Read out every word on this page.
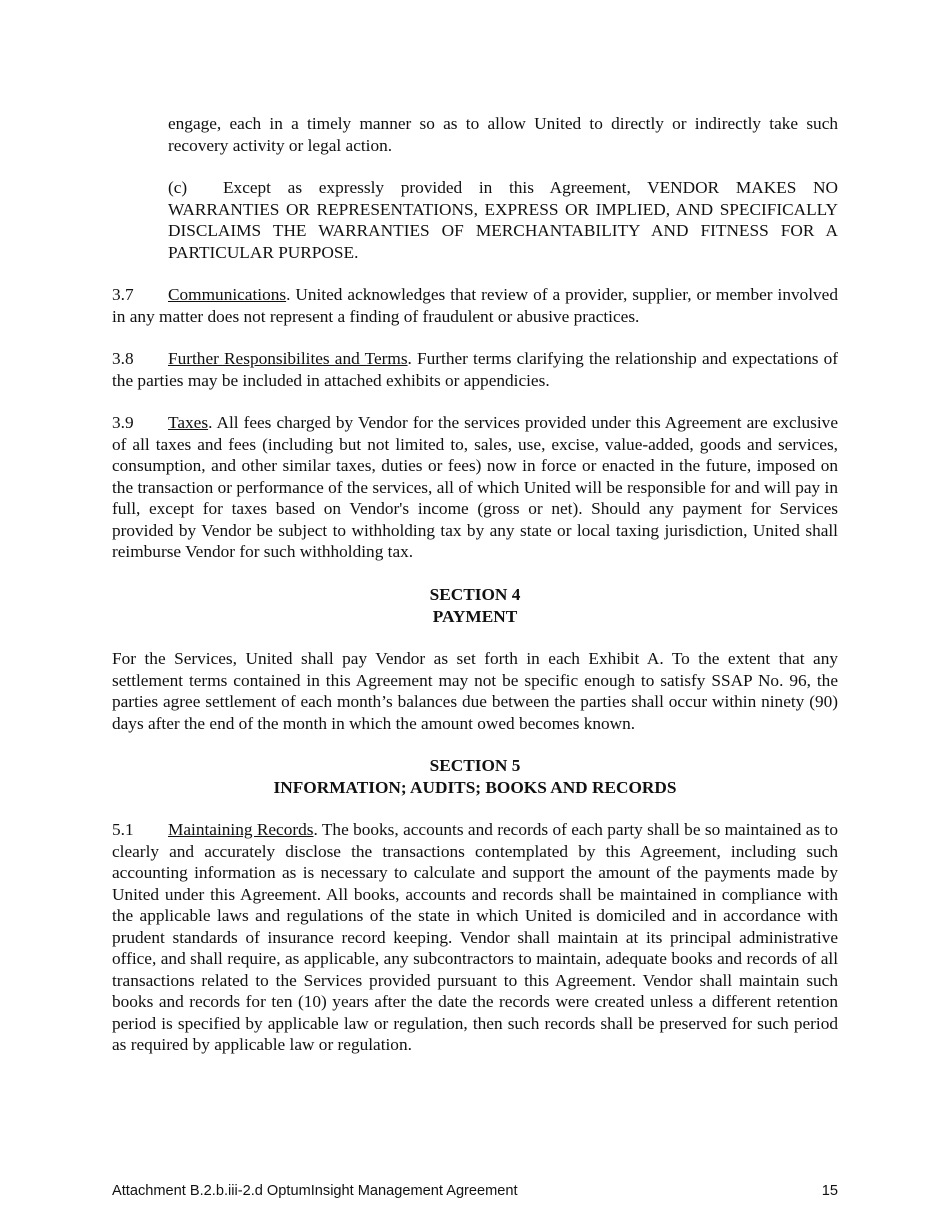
engage, each in a timely manner so as to allow United to directly or indirectly take such recovery activity or legal action.

(c) Except as expressly provided in this Agreement, VENDOR MAKES NO WARRANTIES OR REPRESENTATIONS, EXPRESS OR IMPLIED, AND SPECIFICALLY DISCLAIMS THE WARRANTIES OF MERCHANTABILITY AND FITNESS FOR A PARTICULAR PURPOSE.

3.7 Communications. United acknowledges that review of a provider, supplier, or member involved in any matter does not represent a finding of fraudulent or abusive practices.

3.8 Further Responsibilites and Terms. Further terms clarifying the relationship and expectations of the parties may be included in attached exhibits or appendicies.

3.9 Taxes. All fees charged by Vendor for the services provided under this Agreement are exclusive of all taxes and fees (including but not limited to, sales, use, excise, value-added, goods and services, consumption, and other similar taxes, duties or fees) now in force or enacted in the future, imposed on the transaction or performance of the services, all of which United will be responsible for and will pay in full, except for taxes based on Vendor's income (gross or net). Should any payment for Services provided by Vendor be subject to withholding tax by any state or local taxing jurisdiction, United shall reimburse Vendor for such withholding tax.

SECTION 4
PAYMENT

For the Services, United shall pay Vendor as set forth in each Exhibit A. To the extent that any settlement terms contained in this Agreement may not be specific enough to satisfy SSAP No. 96, the parties agree settlement of each month’s balances due between the parties shall occur within ninety (90) days after the end of the month in which the amount owed becomes known.

SECTION 5
INFORMATION; AUDITS; BOOKS AND RECORDS

5.1 Maintaining Records. The books, accounts and records of each party shall be so maintained as to clearly and accurately disclose the transactions contemplated by this Agreement, including such accounting information as is necessary to calculate and support the amount of the payments made by United under this Agreement. All books, accounts and records shall be maintained in compliance with the applicable laws and regulations of the state in which United is domiciled and in accordance with prudent standards of insurance record keeping. Vendor shall maintain at its principal administrative office, and shall require, as applicable, any subcontractors to maintain, adequate books and records of all transactions related to the Services provided pursuant to this Agreement. Vendor shall maintain such books and records for ten (10) years after the date the records were created unless a different retention period is specified by applicable law or regulation, then such records shall be preserved for such period as required by applicable law or regulation.

Attachment B.2.b.iii-2.d OptumInsight Management Agreement	15
